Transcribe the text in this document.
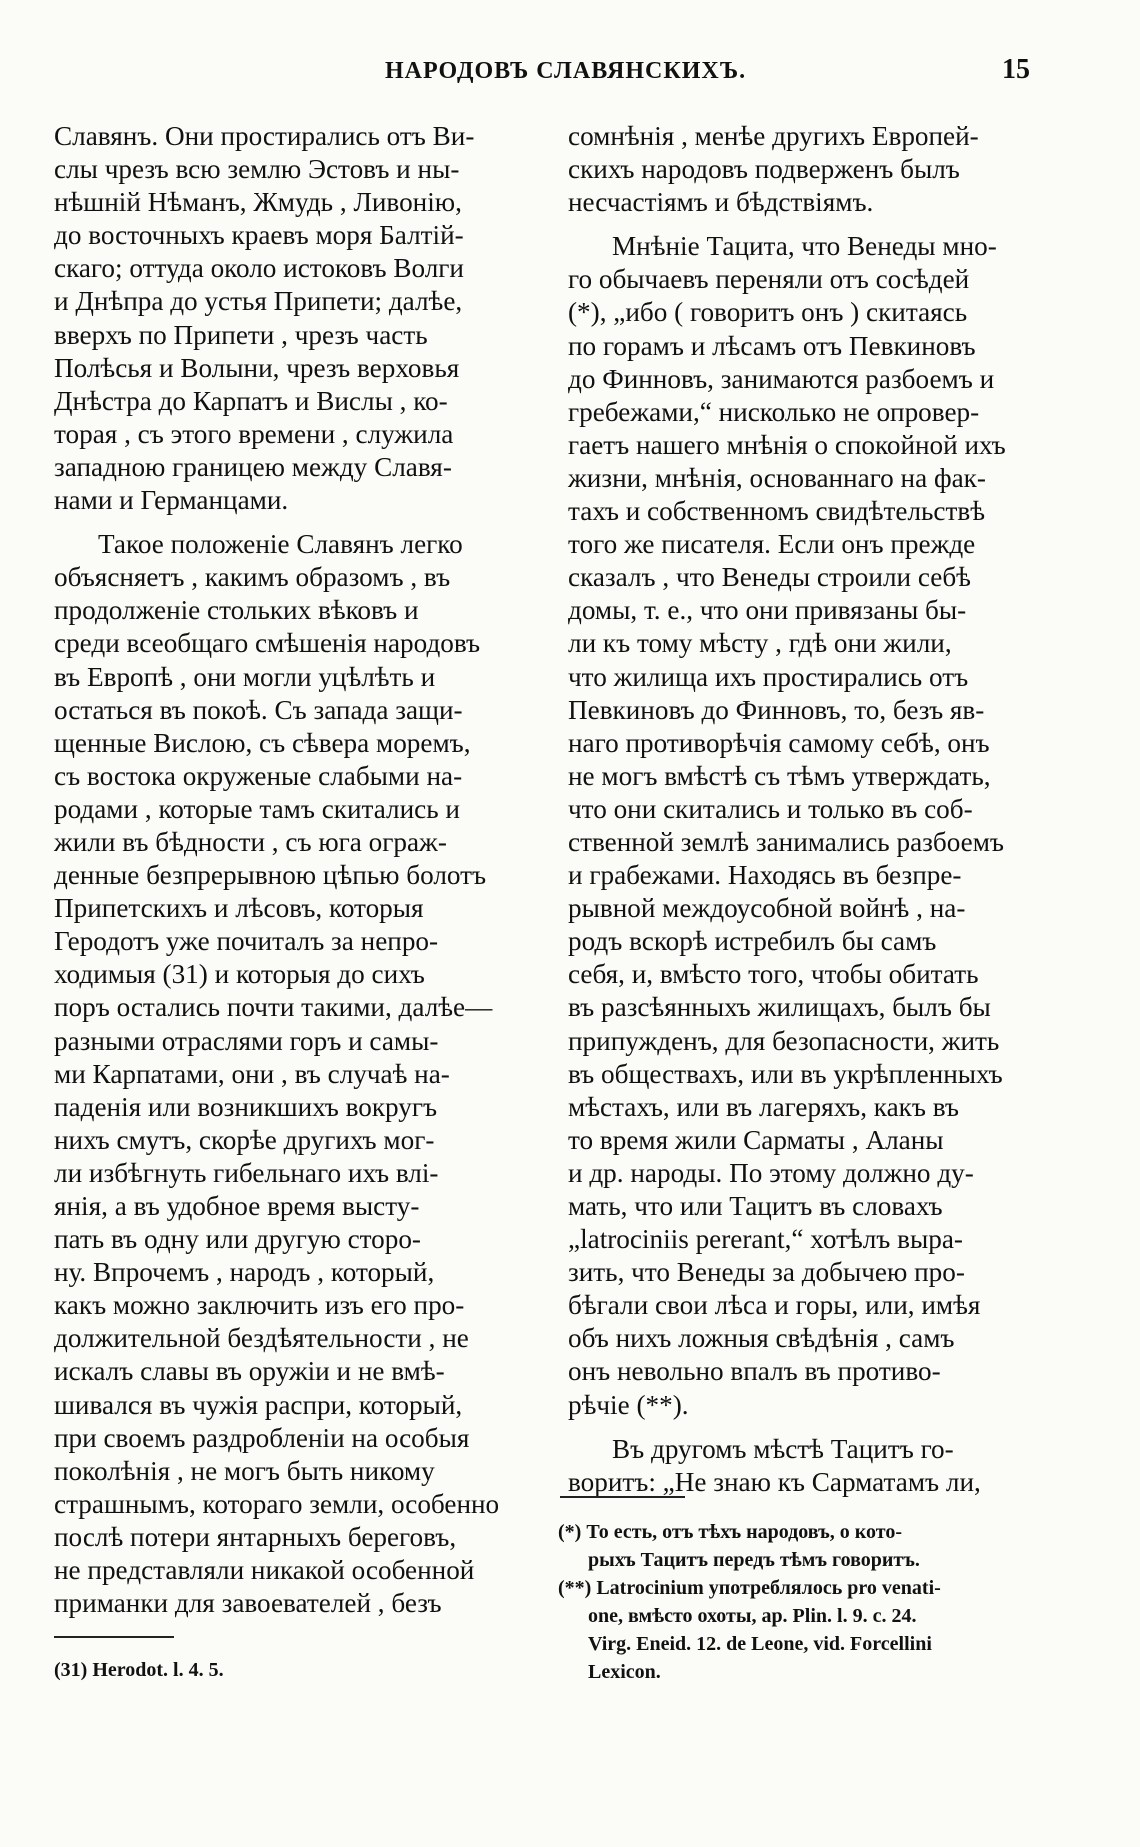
НАРОДОВЪ СЛАВЯНСКИХЪ.	15

Славянъ. Они простирались отъ Ви-
слы чрезъ всю землю Эстовъ и ны-
нѣшній Нѣманъ, Жмудь , Ливонію,
до восточныхъ краевъ моря Балтій-
скаго; оттуда около истоковъ Волги
и Днѣпра до устья Припети; далѣе,
вверхъ по Припети , чрезъ часть
Полѣсья и Волыни, чрезъ верховья
Днѣстра до Карпатъ и Вислы , ко-
торая , съ этого времени , служила
западною границею между Славя-
нами и Германцами.

Такое положеніе Славянъ легко
объясняетъ , какимъ образомъ , въ
продолженіе стольких вѣковъ и
среди всеобщаго смѣшенія народовъ
въ Европѣ , они могли уцѣлѣть и
остаться въ покоѣ. Съ запада защи-
щенные Вислою, съ сѣвера моремъ,
съ востока окруженые слабыми на-
родами , которые тамъ скитались и
жили въ бѣдности , съ юга ограж-
денные безпрерывною цѣпью болотъ
Припетскихъ и лѣсовъ, которыя
Геродотъ уже почиталъ за непро-
ходимыя (31) и которыя до сихъ
поръ остались почти такими, далѣе—
разными отраслями горъ и самы-
ми Карпатами, они , въ случаѣ на-
паденія или возникшихъ вокругъ
нихъ смутъ, скорѣе другихъ мог-
ли избѣгнуть гибельнаго ихъ влі-
янія, а въ удобное время высту-
пать въ одну или другую сторо-
ну. Впрочемъ , народъ , который,
какъ можно заключить изъ его про-
должительной бездѣятельности , не
искалъ славы въ оружіи и не вмѣ-
шивался въ чужія распри, который,
при своемъ раздробленіи на особыя
поколѣнія , не могъ быть никому
страшнымъ, котораго земли, особенно
послѣ потери янтарныхъ береговъ,
не представляли никакой особенной
приманки для завоевателей , безъ

сомнѣнія , менѣе другихъ Европей-
скихъ народовъ подверженъ былъ
несчастіямъ и бѣдствіямъ.

Мнѣніе Тацита, что Венеды мно-
го обычаевъ переняли отъ сосѣдей
(*), „ибо ( говоритъ онъ ) скитаясь
по горамъ и лѣсамъ отъ Певкиновъ
до Финновъ, занимаются разбоемъ и
гребежами,“ нисколько не опровер-
гаетъ нашего мнѣнія о спокойной ихъ
жизни, мнѣнія, основаннаго на фак-
тахъ и собственномъ свидѣтельствѣ
того же писателя. Если онъ прежде
сказалъ , что Венеды строили себѣ
домы, т. е., что они привязаны бы-
ли къ тому мѣсту , гдѣ они жили,
что жилища ихъ простирались отъ
Певкиновъ до Финновъ, то, безъ яв-
наго противорѣчія самому себѣ, онъ
не могъ вмѣстѣ съ тѣмъ утверждать,
что они скитались и только въ соб-
ственной землѣ занимались разбоемъ
и грабежами. Находясь въ безпре-
рывной междоусобной войнѣ , на-
родъ вскорѣ истребилъ бы самъ
себя, и, вмѣсто того, чтобы обитать
въ разсѣянныхъ жилищахъ, былъ бы
припужденъ, для безопасности, жить
въ обществахъ, или въ укрѣпленныхъ
мѣстахъ, или въ лагеряхъ, какъ въ
то время жили Сарматы , Аланы
и др. народы. По этому должно ду-
мать, что или Тацитъ въ словахъ
„latrociniis pererant,“ хотѣлъ выра-
зить, что Венеды за добычею про-
бѣгали свои лѣса и горы, или, имѣя
объ нихъ ложныя свѣдѣнія , самъ
онъ невольно впалъ въ противо-
рѣчіе (**).

Въ другомъ мѣстѣ Тацитъ го-
воритъ: „Не знаю къ Сарматамъ ли,

(31) Herodot. l. 4. 5.
(*) То есть, отъ тѣхъ народовъ, о кото-
рыхъ Тацитъ передъ тѣмъ говоритъ.
(**) Latrocinium употреблялось pro venati-
one, вмѣсто охоты, ap. Plin. l. 9. c. 24.
Virg. Eneid. 12. de Leone, vid. Forcellini
Lexicon.
